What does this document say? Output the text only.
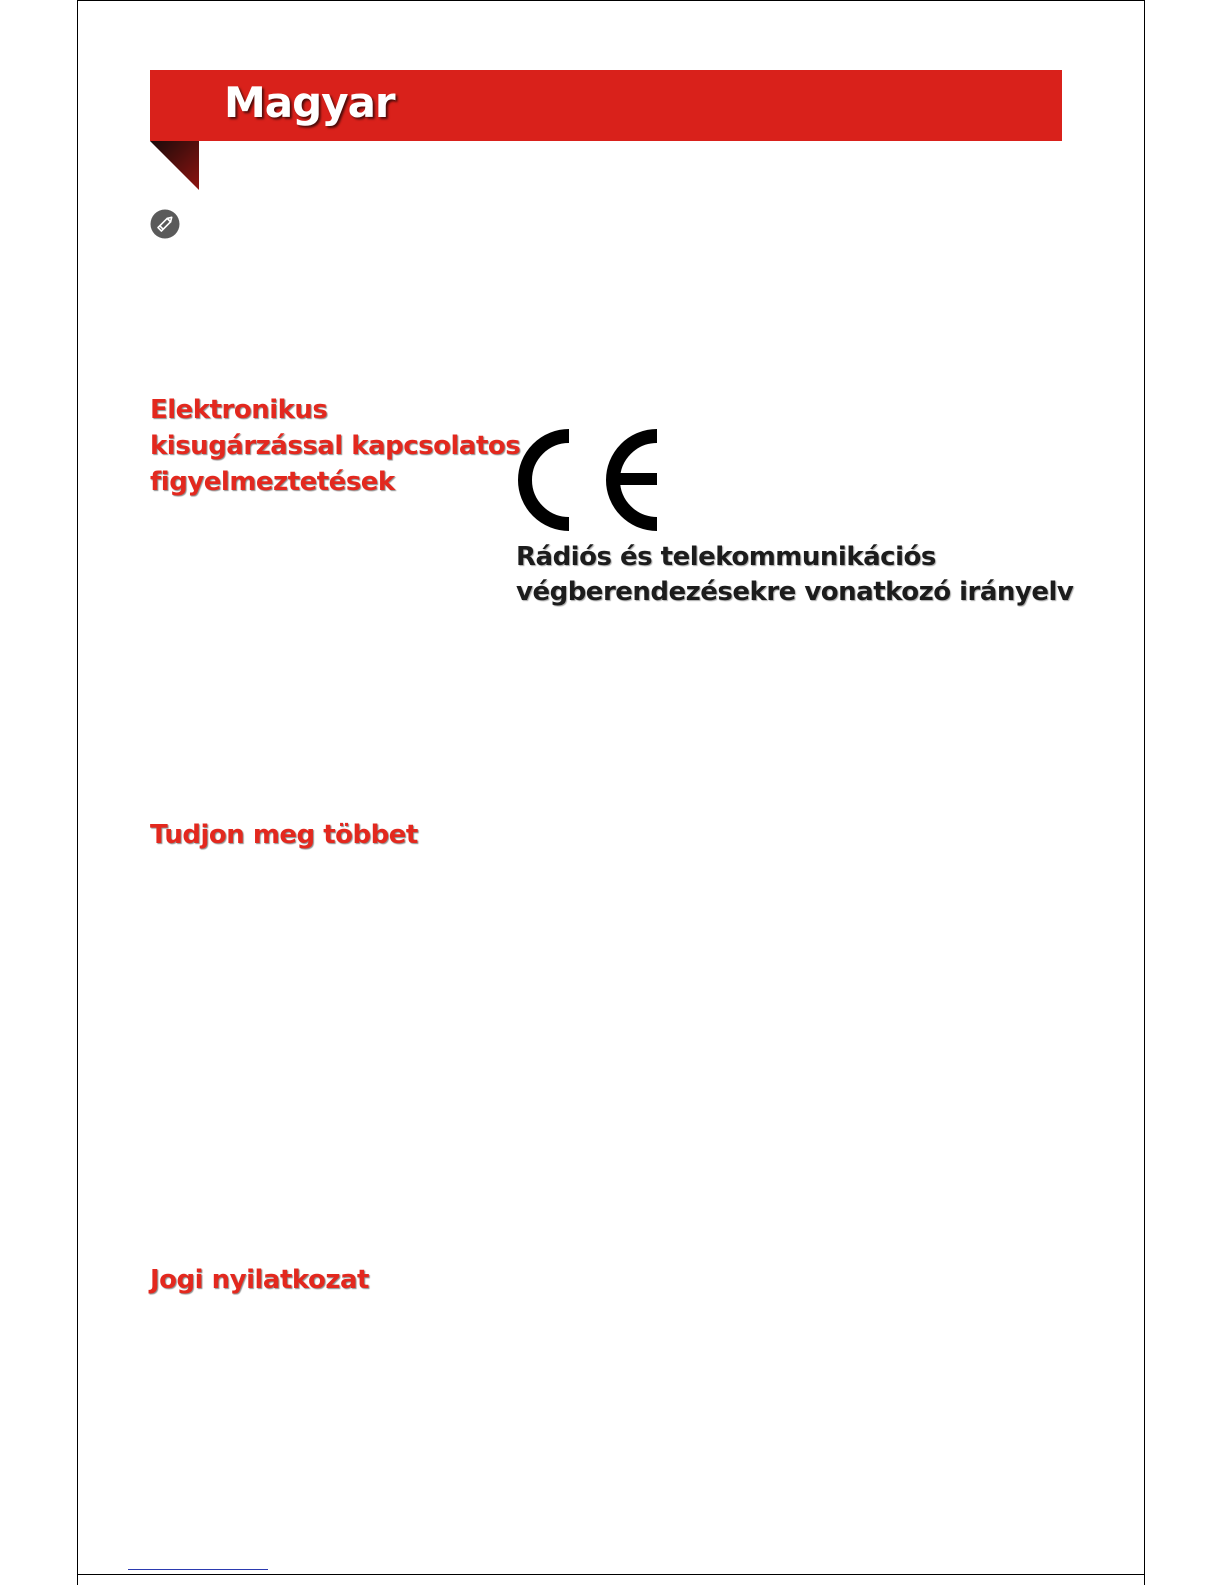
Magyar
Elektronikus
kisugárzással kapcsolatos
figyelmeztetések
Rádiós és telekommunikációs
végberendezésekre vonatkozó irányelv
Tudjon meg többet
Jogi nyilatkozat
